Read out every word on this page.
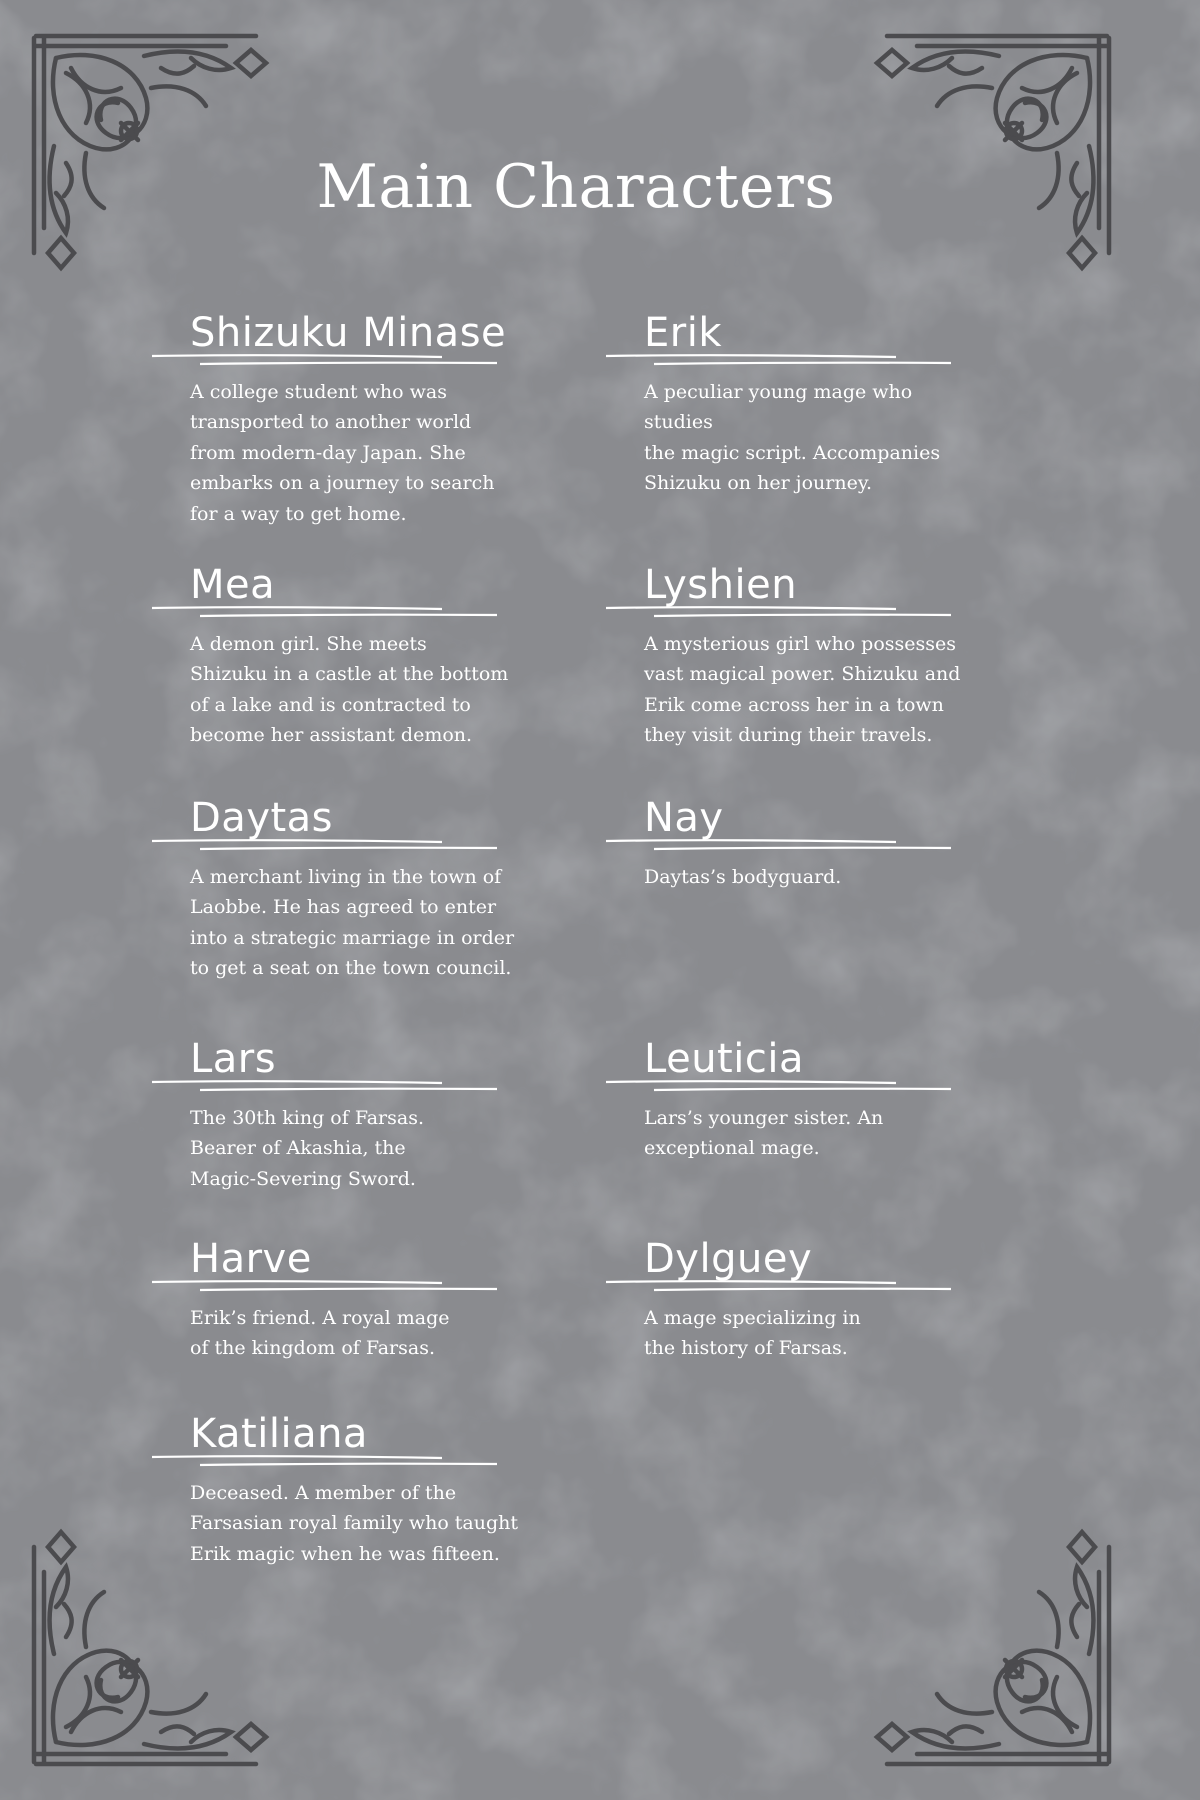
Main Characters
Shizuku Minase
A college student who was
transported to another world
from modern-day Japan. She
embarks on a journey to search
for a way to get home.
Mea
A demon girl. She meets
Shizuku in a castle at the bottom
of a lake and is contracted to
become her assistant demon.
Daytas
A merchant living in the town of
Laobbe. He has agreed to enter
into a strategic marriage in order
to get a seat on the town council.
Lars
The 30th king of Farsas.
Bearer of Akashia, the
Magic-Severing Sword.
Harve
Erik’s friend. A royal mage
of the kingdom of Farsas.
Katiliana
Deceased. A member of the
Farsasian royal family who taught
Erik magic when he was fifteen.
Erik
A peculiar young mage who studies
the magic script. Accompanies
Shizuku on her journey.
Lyshien
A mysterious girl who possesses
vast magical power. Shizuku and
Erik come across her in a town
they visit during their travels.
Nay
Daytas’s bodyguard.
Leuticia
Lars’s younger sister. An
exceptional mage.
Dylguey
A mage specializing in
the history of Farsas.
